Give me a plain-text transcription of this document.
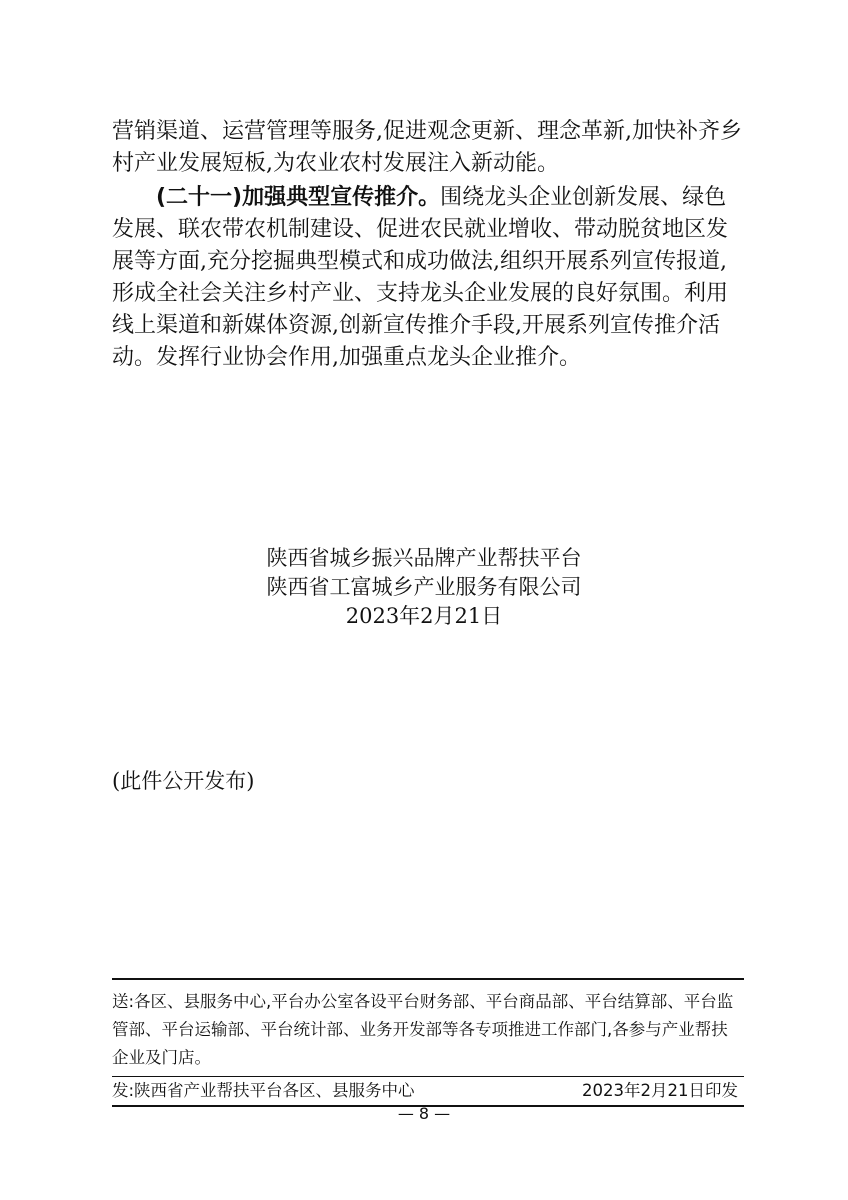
营销渠道、运营管理等服务,促进观念更新、理念革新,加快补齐乡村产业发展短板,为农业农村发展注入新动能。

(二十一)加强典型宣传推介。围绕龙头企业创新发展、绿色发展、联农带农机制建设、促进农民就业增收、带动脱贫地区发展等方面,充分挖掘典型模式和成功做法,组织开展系列宣传报道,形成全社会关注乡村产业、支持龙头企业发展的良好氛围。利用线上渠道和新媒体资源,创新宣传推介手段,开展系列宣传推介活动。发挥行业协会作用,加强重点龙头企业推介。

陕西省城乡振兴品牌产业帮扶平台
陕西省工富城乡产业服务有限公司
2023年2月21日
(此件公开发布)
送:各区、县服务中心,平台办公室各设平台财务部、平台商品部、平台结算部、平台监管部、平台运输部、平台统计部、业务开发部等各专项推进工作部门,各参与产业帮扶企业及门店。
发:陕西省产业帮扶平台各区、县服务中心	2023年2月21日印发
— 8 —
